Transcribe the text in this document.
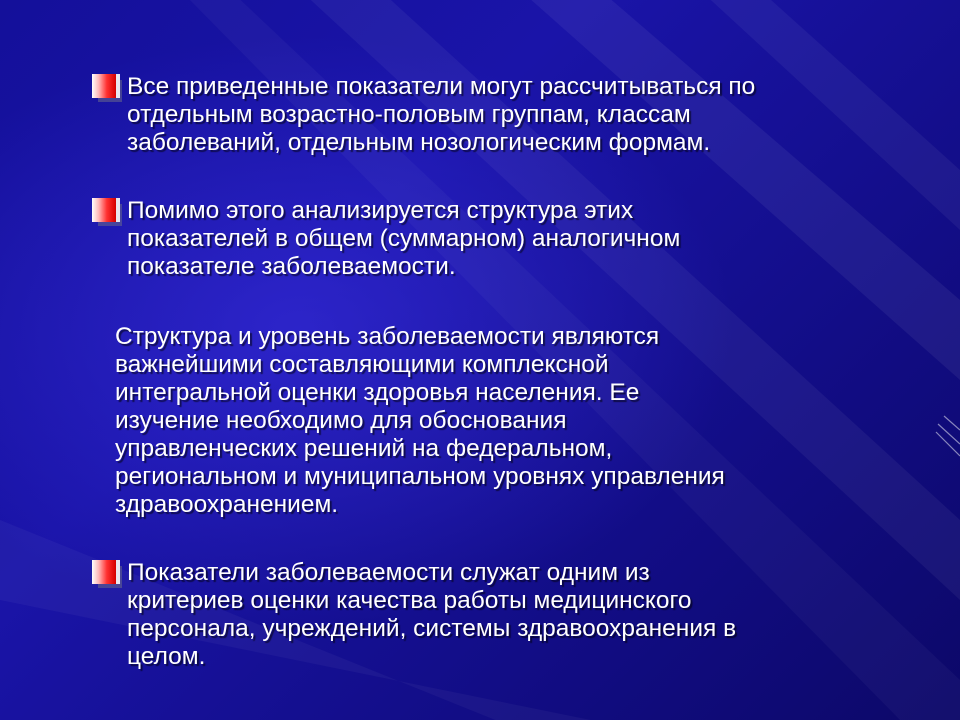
Все приведенные показатели могут рассчитываться по
отдельным возрастно-половым группам, классам
заболеваний, отдельным нозологическим формам.

Помимо этого анализируется структура этих
показателей в общем (суммарном) аналогичном
показателе заболеваемости.

Структура и уровень заболеваемости являются
важнейшими составляющими комплексной
интегральной оценки здоровья населения. Ее
изучение необходимо для обоснования
управленческих решений на федеральном,
региональном и муниципальном уровнях управления
здравоохранением.

Показатели заболеваемости служат одним из
критериев оценки качества работы медицинского
персонала, учреждений, системы здравоохранения в
целом.
